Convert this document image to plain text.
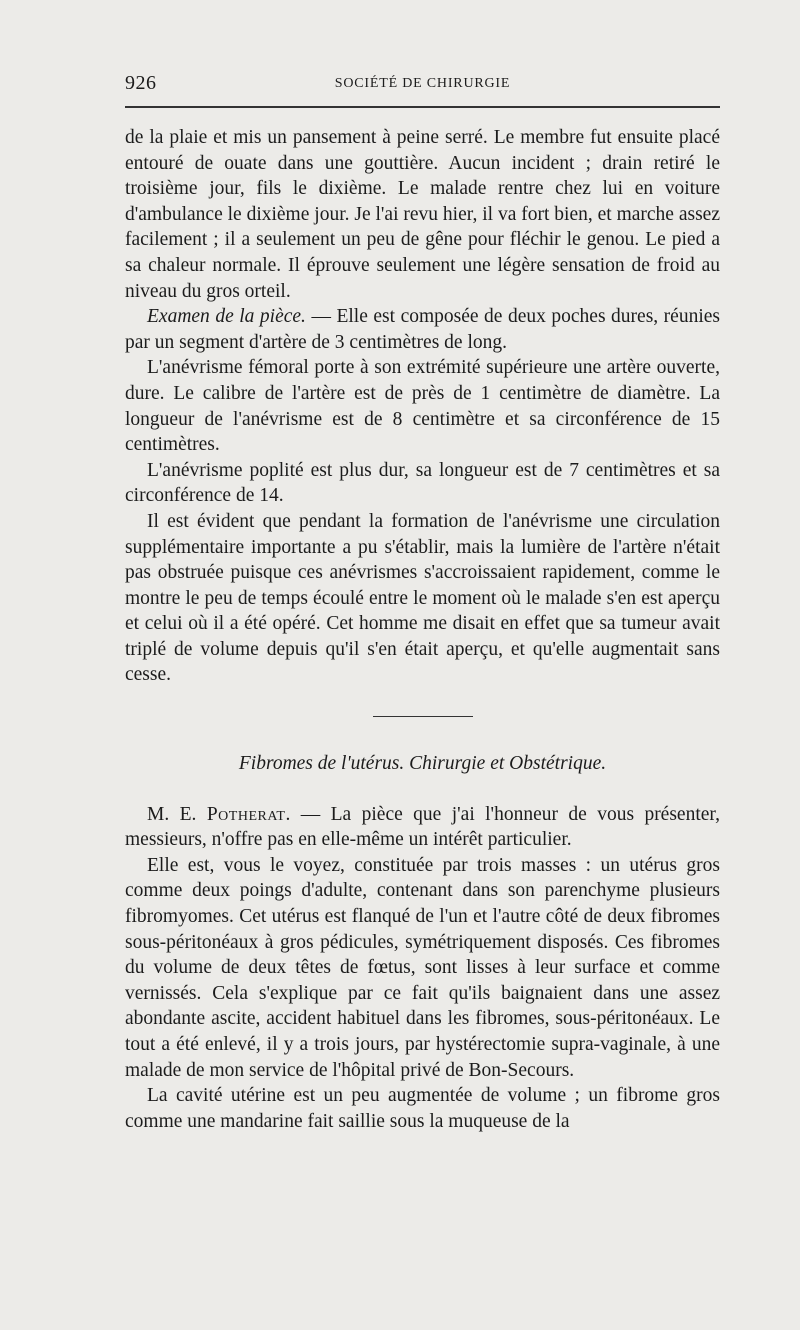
926	SOCIÉTÉ DE CHIRURGIE

de la plaie et mis un pansement à peine serré. Le membre fut ensuite placé entouré de ouate dans une gouttière. Aucun incident ; drain retiré le troisième jour, fils le dixième. Le malade rentre chez lui en voiture d'ambulance le dixième jour. Je l'ai revu hier, il va fort bien, et marche assez facilement ; il a seulement un peu de gêne pour fléchir le genou. Le pied a sa chaleur normale. Il éprouve seulement une légère sensation de froid au niveau du gros orteil.

Examen de la pièce. — Elle est composée de deux poches dures, réunies par un segment d'artère de 3 centimètres de long.

L'anévrisme fémoral porte à son extrémité supérieure une artère ouverte, dure. Le calibre de l'artère est de près de 1 centimètre de diamètre. La longueur de l'anévrisme est de 8 centimètre et sa circonférence de 15 centimètres.

L'anévrisme poplité est plus dur, sa longueur est de 7 centimètres et sa circonférence de 14.

Il est évident que pendant la formation de l'anévrisme une circulation supplémentaire importante a pu s'établir, mais la lumière de l'artère n'était pas obstruée puisque ces anévrismes s'accroissaient rapidement, comme le montre le peu de temps écoulé entre le moment où le malade s'en est aperçu et celui où il a été opéré. Cet homme me disait en effet que sa tumeur avait triplé de volume depuis qu'il s'en était aperçu, et qu'elle augmentait sans cesse.

Fibromes de l'utérus. Chirurgie et Obstétrique.

M. E. Potherat. — La pièce que j'ai l'honneur de vous présenter, messieurs, n'offre pas en elle-même un intérêt particulier.

Elle est, vous le voyez, constituée par trois masses : un utérus gros comme deux poings d'adulte, contenant dans son parenchyme plusieurs fibromyomes. Cet utérus est flanqué de l'un et l'autre côté de deux fibromes sous-péritonéaux à gros pédicules, symétriquement disposés. Ces fibromes du volume de deux têtes de fœtus, sont lisses à leur surface et comme vernissés. Cela s'explique par ce fait qu'ils baignaient dans une assez abondante ascite, accident habituel dans les fibromes, sous-péritonéaux. Le tout a été enlevé, il y a trois jours, par hystérectomie supra-vaginale, à une malade de mon service de l'hôpital privé de Bon-Secours.

La cavité utérine est un peu augmentée de volume ; un fibrome gros comme une mandarine fait saillie sous la muqueuse de la
